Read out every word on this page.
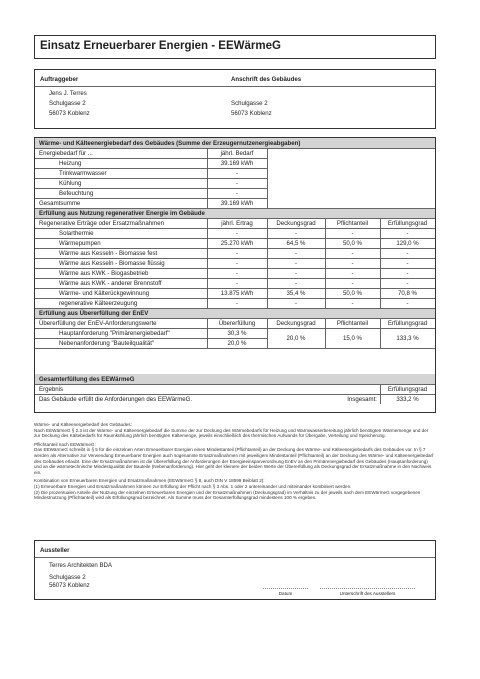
Einsatz Erneuerbarer Energien - EEWärmeG
Auftraggeber	Anschrift des Gebäudes
Jens J. Terres
Schulgasse 2
56073 Koblenz
Schulgasse 2
56073 Koblenz
Wärme- und Kälteenergiebedarf des Gebäudes (Summe der Erzeugernutzenergieabgaben)
Energiebedarf für ...	jährl. Bedarf
Heizung	39.169 kWh
Trinkwarmwasser	-
Kühlung	-
Befeuchtung	-
Gesamtsumme	39.169 kWh
Erfüllung aus Nutzung regenerativer Energie im Gebäude
Regenerative Erträge oder Ersatzmaßnahmen	jährl. Ertrag	Deckungsgrad	Pflichtanteil	Erfüllungsgrad
Solarthermie	-	-	-	-
Wärmepumpen	25.270 kWh	64,5 %	50,0 %	129,0 %
Wärme aus Kesseln - Biomasse fest	-	-	-	-
Wärme aus Kesseln - Biomasse flüssig	-	-	-	-
Wärme aus KWK - Biogasbetrieb	-	-	-	-
Wärme aus KWK - anderer Brennstoff	-	-	-	-
Wärme- und Kälterückgewinnung	13.875 kWh	35,4 %	50,0 %	70,8 %
regenerative Kälteerzeugung	-	-	-	-
Erfüllung aus Übererfüllung der EnEV
Übererfüllung der EnEV-Anforderungswerte	Übererfüllung	Deckungsgrad	Pflichtanteil	Erfüllungsgrad
Hauptanforderung "Primärenergiebedarf"	30,3 %
Nebenanforderung "Bauteilqualität"	20,0 %
20,0 %	15,0 %	133,3 %
Gesamterfüllung des EEWärmeG
Ergebnis	Erfüllungsgrad
Das Gebäude erfüllt die Anforderungen des EEWärmeG.	Insgesamt:	333,2 %

Wärme- und Kälteenergiebedarf des Gebäudes:

Nach EEWärmeG § 2.3 ist der Wärme- und Kälteenergiebedarf die Summe der zur Deckung des Wärmebedarfs für Heizung und Warmwasserbereitung jährlich benötigten Wärmemenge und der zur Deckung des Kältebedarfs für Raumkühlung jährlich benötigten Kältemenge, jeweils einschließlich des thermischen Aufwands für Übergabe, Verteilung und Speicherung.

Pflichtanteil nach EEWärmeG:

Das EEWärmeG schreibt in § 5 für die einzelnen Arten Erneuerbarer Energien einen Mindestanteil (Pflichtanteil) an der Deckung des Wärme- und Kälteenergiebedarfs des Gebäudes vor. In § 7 werden als Alternative zur Verwendung Erneuerbarer Energien auch sogenannte Ersatzmaßnahmen mit jeweiligem Mindestanteil (Pflichtanteil) an der Deckung des Wärme- und Kälteenergiebedarf des Gebäudes erlaubt. Eine der Ersatzmaßnahmen ist die Übererfüllung der Anforderungen der Energieeinsparverordnung EnEV an den Primärenergiebedarf des Gebäudes (Hauptanforderung) und an die wärmetechnische Mindestqualität der Bauteile (Nebenanforderung). Hier geht der kleinere der beiden Werte der Übererfüllung als Deckungsgrad der Ersatzmaßnahme in den Nachweis ein.

Kombination von Erneuerbaren Energien und Ersatzmaßnahmen (EEWärmeG § 8, auch DIN V 18599 Beiblatt 2):

(1) Erneuerbare Energien und Ersatzmaßnahmen können zur Erfüllung der Pflicht nach § 3 Abs. 1 oder 2 untereinander und miteinander kombiniert werden.

(2) Die prozentualen Anteile der Nutzung der einzelnen Erneuerbaren Energien und der Ersatzmaßnahmen (Deckungsgrad) im Verhältnis zu der jeweils nach dem EEWärmeG vorgegebenen Mindestnutzung (Pflichtanteil) wird als Erfüllungsgrad bezeichnet. Als Summe muss der Gesamterfüllungsgrad mindestens 100 % ergeben.

Aussteller
Terres Architekten BDA
Schulgasse 2
56073 Koblenz
Datum	Unterschrift des Ausstellers
